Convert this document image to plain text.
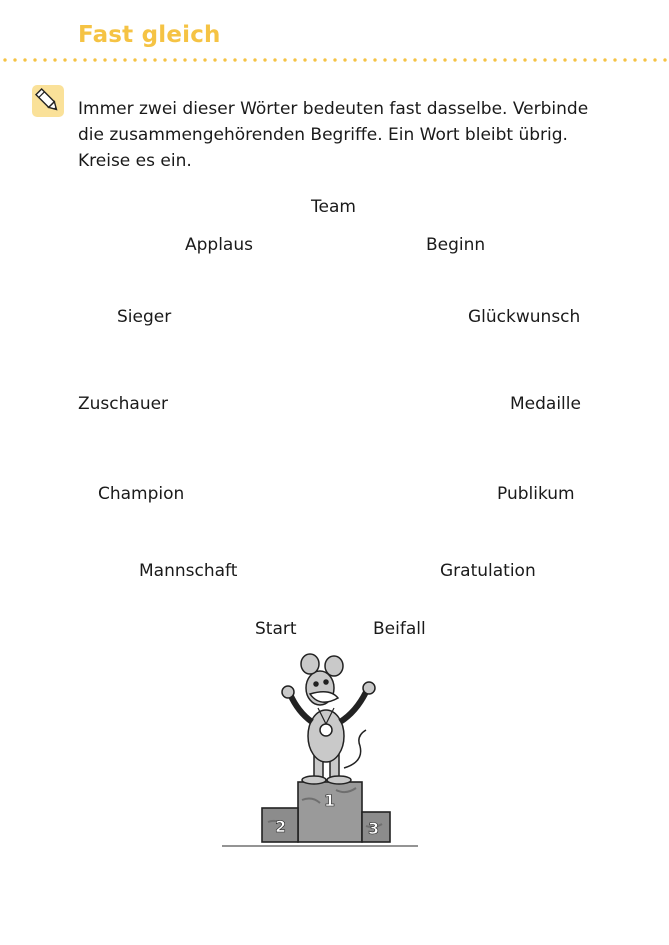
Fast gleich
Immer zwei dieser Wörter bedeuten fast dasselbe. Verbinde
die zusammengehörenden Begriffe. Ein Wort bleibt übrig.
Kreise es ein.
Team
Applaus	Beginn
Sieger	Glückwunsch
Zuschauer	Medaille
Champion	Publikum
Mannschaft	Gratulation
Start	Beifall
1
2	3
